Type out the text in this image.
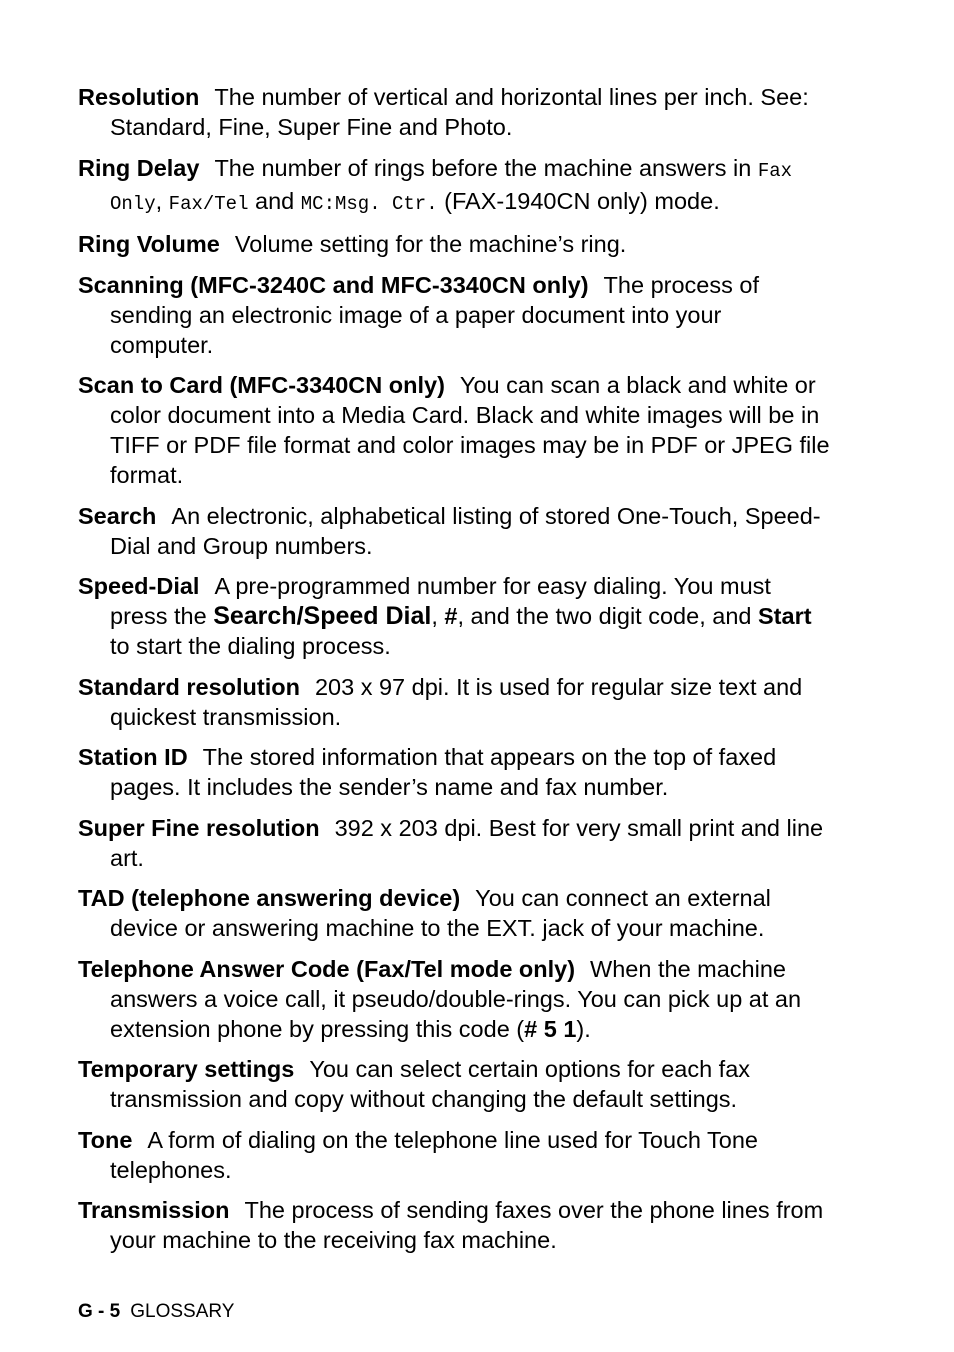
Resolution The number of vertical and horizontal lines per inch. See: Standard, Fine, Super Fine and Photo.

Ring Delay The number of rings before the machine answers in Fax Only, Fax/Tel and MC:Msg. Ctr. (FAX-1940CN only) mode.

Ring Volume Volume setting for the machine’s ring.

Scanning (MFC-3240C and MFC-3340CN only) The process of sending an electronic image of a paper document into your computer.

Scan to Card (MFC-3340CN only) You can scan a black and white or color document into a Media Card. Black and white images will be in TIFF or PDF file format and color images may be in PDF or JPEG file format.

Search An electronic, alphabetical listing of stored One-Touch, Speed-Dial and Group numbers.

Speed-Dial A pre-programmed number for easy dialing. You must press the Search/Speed Dial, #, and the two digit code, and Start to start the dialing process.

Standard resolution 203 x 97 dpi. It is used for regular size text and quickest transmission.

Station ID The stored information that appears on the top of faxed pages. It includes the sender’s name and fax number.

Super Fine resolution 392 x 203 dpi. Best for very small print and line art.

TAD (telephone answering device) You can connect an external device or answering machine to the EXT. jack of your machine.

Telephone Answer Code (Fax/Tel mode only) When the machine answers a voice call, it pseudo/double-rings. You can pick up at an extension phone by pressing this code (# 5 1).

Temporary settings You can select certain options for each fax transmission and copy without changing the default settings.

Tone A form of dialing on the telephone line used for Touch Tone telephones.

Transmission The process of sending faxes over the phone lines from your machine to the receiving fax machine.

G - 5 GLOSSARY
